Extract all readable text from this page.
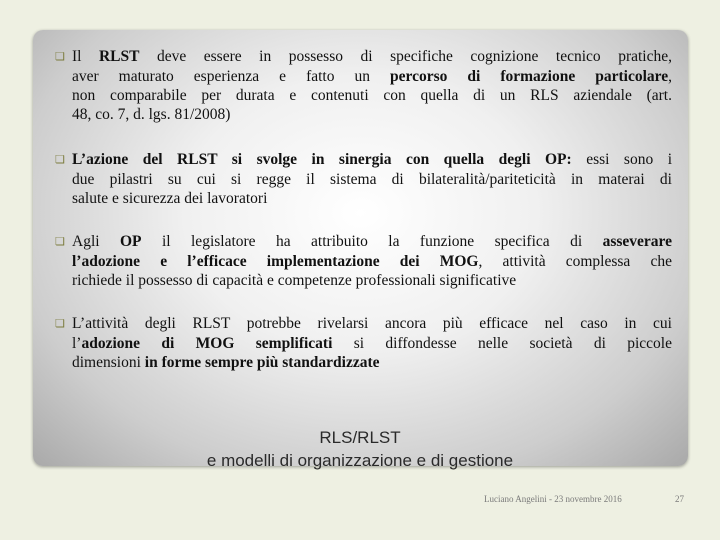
❏ Il RLST deve essere in possesso di specifiche cognizione tecnico pratiche,
aver maturato esperienza e fatto un percorso di formazione particolare,
non comparabile per durata e contenuti con quella di un RLS aziendale (art.
48, co. 7, d. lgs. 81/2008)
❏ L’azione del RLST si svolge in sinergia con quella degli OP: essi sono i
due pilastri su cui si regge il sistema di bilateralità/pariteticità in materai di
salute e sicurezza dei lavoratori
❏ Agli OP il legislatore ha attribuito la funzione specifica di asseverare
l’adozione e l’efficace implementazione dei MOG, attività complessa che
richiede il possesso di capacità e competenze professionali significative
❏ L’attività degli RLST potrebbe rivelarsi ancora più efficace nel caso in cui
l’adozione di MOG semplificati si diffondesse nelle società di piccole
dimensioni in forme sempre più standardizzate
RLS/RLST
e modelli di organizzazione e di gestione
Luciano Angelini - 23 novembre 2016	27
